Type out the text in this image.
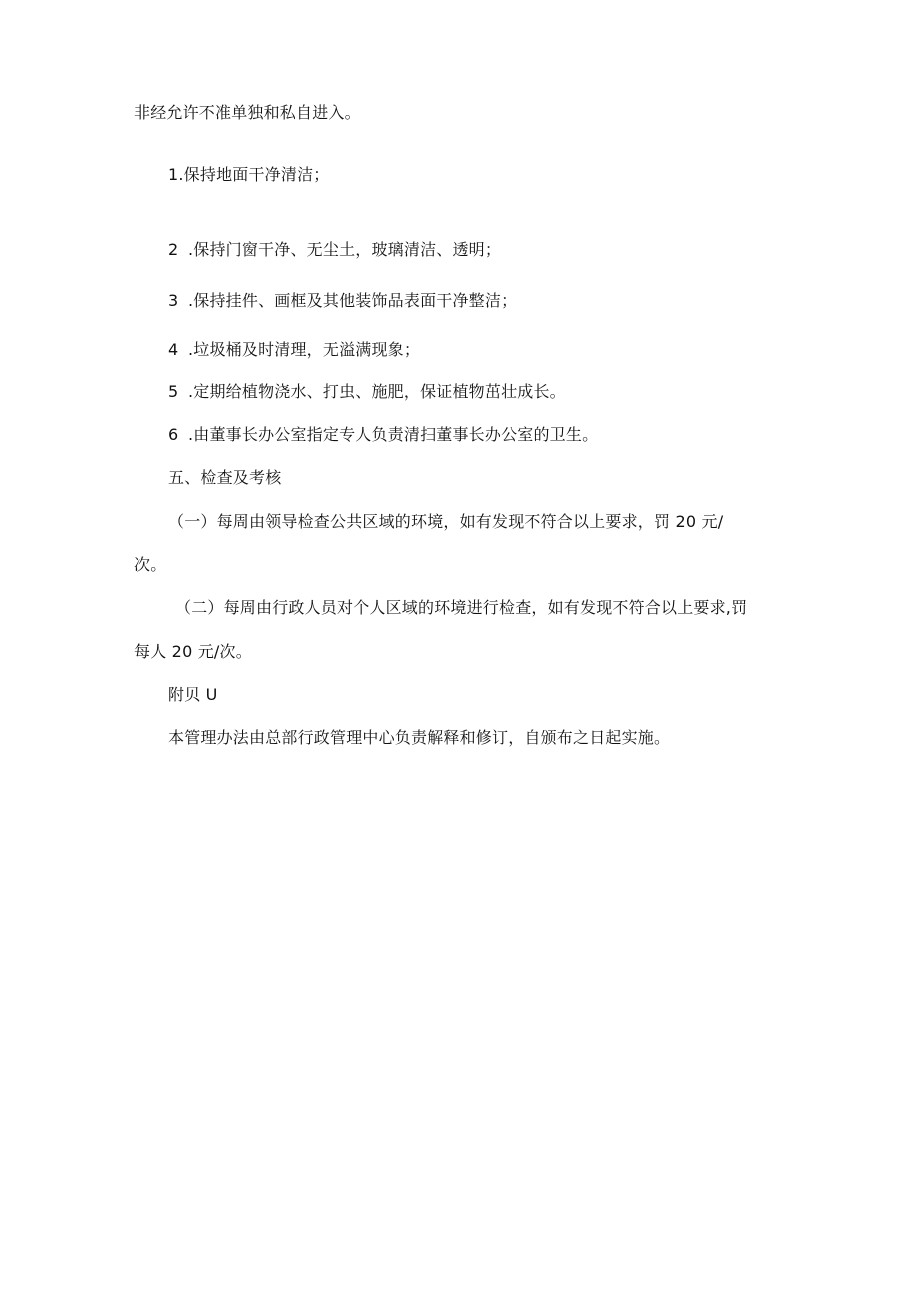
非经允许不准单独和私自进入。
1.保持地面干净清洁；
2 .保持门窗干净、无尘土，玻璃清洁、透明；
3 .保持挂件、画框及其他装饰品表面干净整洁；
4 .垃圾桶及时清理，无溢满现象；
5 .定期给植物浇水、打虫、施肥，保证植物茁壮成长。
6 .由董事长办公室指定专人负责清扫董事长办公室的卫生。
五、检查及考核
（一）每周由领导检查公共区域的环境，如有发现不符合以上要求，罚 20 元/
次。
（二）每周由行政人员对个人区域的环境进行检查，如有发现不符合以上要求,罚
每人 20 元/次。
附贝 U
本管理办法由总部行政管理中心负责解释和修订，自颁布之日起实施。
